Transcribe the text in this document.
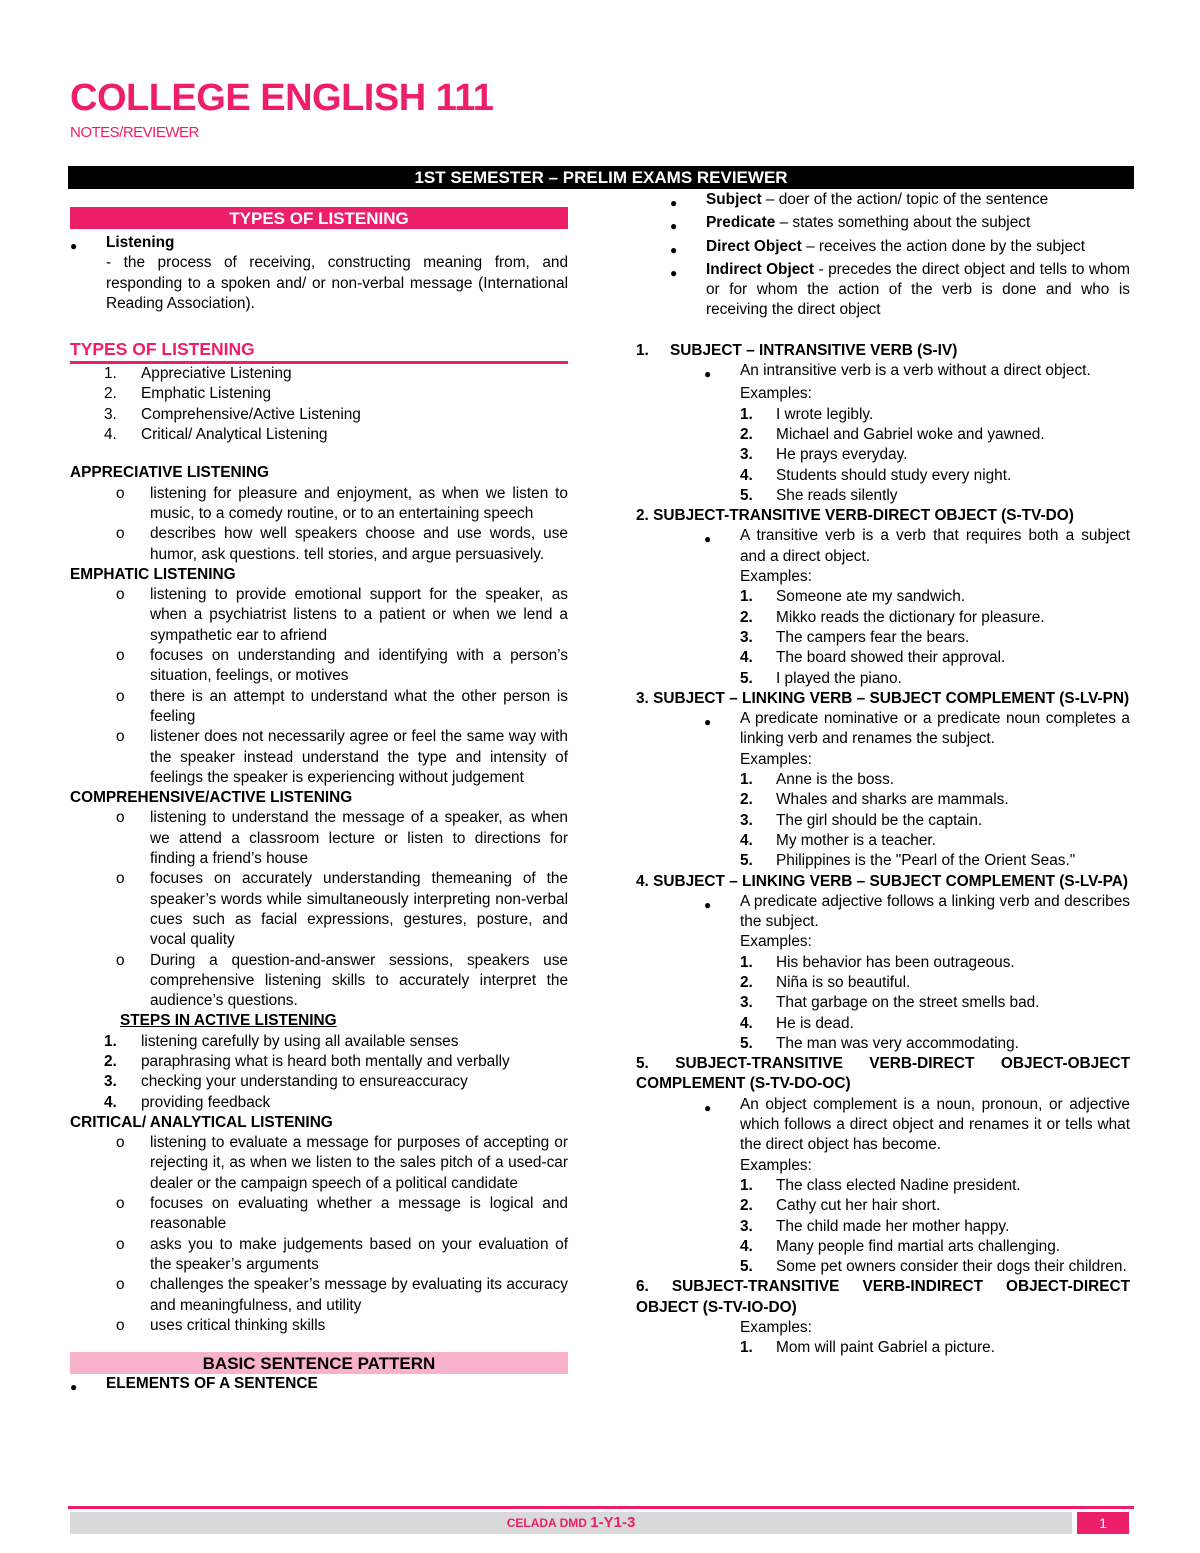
COLLEGE ENGLISH 111
NOTES/REVIEWER
1ST SEMESTER – PRELIM EXAMS REVIEWER
TYPES OF LISTENING
●	Listening
- the process of receiving, constructing meaning from, and responding to a spoken and/ or non-verbal message (International Reading Association).
TYPES OF LISTENING
1.	Appreciative Listening
2.	Emphatic Listening
3.	Comprehensive/Active Listening
4.	Critical/ Analytical Listening
APPRECIATIVE LISTENING
o	listening for pleasure and enjoyment, as when we listen to music, to a comedy routine, or to an entertaining speech
o	describes how well speakers choose and use words, use humor, ask questions. tell stories, and argue persuasively.
EMPHATIC LISTENING
o	listening to provide emotional support for the speaker, as when a psychiatrist listens to a patient or when we lend a sympathetic ear to afriend
o	focuses on understanding and identifying with a person’s situation, feelings, or motives
o	there is an attempt to understand what the other person is feeling
o	listener does not necessarily agree or feel the same way with the speaker instead understand the type and intensity of feelings the speaker is experiencing without judgement
COMPREHENSIVE/ACTIVE LISTENING
o	listening to understand the message of a speaker, as when we attend a classroom lecture or listen to directions for finding a friend’s house
o	focuses on accurately understanding themeaning of the speaker’s words while simultaneously interpreting non-verbal cues such as facial expressions, gestures, posture, and vocal quality
o	During a question-and-answer sessions, speakers use comprehensive listening skills to accurately interpret the audience’s questions.
STEPS IN ACTIVE LISTENING
1.	listening carefully by using all available senses
2.	paraphrasing what is heard both mentally and verbally
3.	checking your understanding to ensureaccuracy
4.	providing feedback
CRITICAL/ ANALYTICAL LISTENING
o	listening to evaluate a message for purposes of accepting or rejecting it, as when we listen to the sales pitch of a used-car dealer or the campaign speech of a political candidate
o	focuses on evaluating whether a message is logical and reasonable
o	asks you to make judgements based on your evaluation of the speaker’s arguments
o	challenges the speaker’s message by evaluating its accuracy and meaningfulness, and utility
o	uses critical thinking skills
BASIC SENTENCE PATTERN
●	ELEMENTS OF A SENTENCE
●	Subject – doer of the action/ topic of the sentence
●	Predicate – states something about the subject
●	Direct Object – receives the action done by the subject
●	Indirect Object - precedes the direct object and tells to whom or for whom the action of the verb is done and who is receiving the direct object
1.	SUBJECT – INTRANSITIVE VERB (S-IV)
●	An intransitive verb is a verb without a direct object.
Examples:
1.	I wrote legibly.
2.	Michael and Gabriel woke and yawned.
3.	He prays everyday.
4.	Students should study every night.
5.	She reads silently
2. SUBJECT-TRANSITIVE VERB-DIRECT OBJECT (S-TV-DO)
●	A transitive verb is a verb that requires both a subject and a direct object.
Examples:
1.	Someone ate my sandwich.
2.	Mikko reads the dictionary for pleasure.
3.	The campers fear the bears.
4.	The board showed their approval.
5.	I played the piano.
3. SUBJECT – LINKING VERB – SUBJECT COMPLEMENT (S-LV-PN)
●	A predicate nominative or a predicate noun completes a linking verb and renames the subject.
Examples:
1.	Anne is the boss.
2.	Whales and sharks are mammals.
3.	The girl should be the captain.
4.	My mother is a teacher.
5.	Philippines is the "Pearl of the Orient Seas."
4. SUBJECT – LINKING VERB – SUBJECT COMPLEMENT (S-LV-PA)
●	A predicate adjective follows a linking verb and describes the subject.
Examples:
1.	His behavior has been outrageous.
2.	Niña is so beautiful.
3.	That garbage on the street smells bad.
4.	He is dead.
5.	The man was very accommodating.
5. SUBJECT-TRANSITIVE VERB-DIRECT OBJECT-OBJECT COMPLEMENT (S-TV-DO-OC)
●	An object complement is a noun, pronoun, or adjective which follows a direct object and renames it or tells what the direct object has become.
Examples:
1.	The class elected Nadine president.
2.	Cathy cut her hair short.
3.	The child made her mother happy.
4.	Many people find martial arts challenging.
5.	Some pet owners consider their dogs their children.
6. SUBJECT-TRANSITIVE VERB-INDIRECT OBJECT-DIRECT OBJECT (S-TV-IO-DO)
Examples:
1.	Mom will paint Gabriel a picture.
CELADA DMD 1-Y1-3	1
